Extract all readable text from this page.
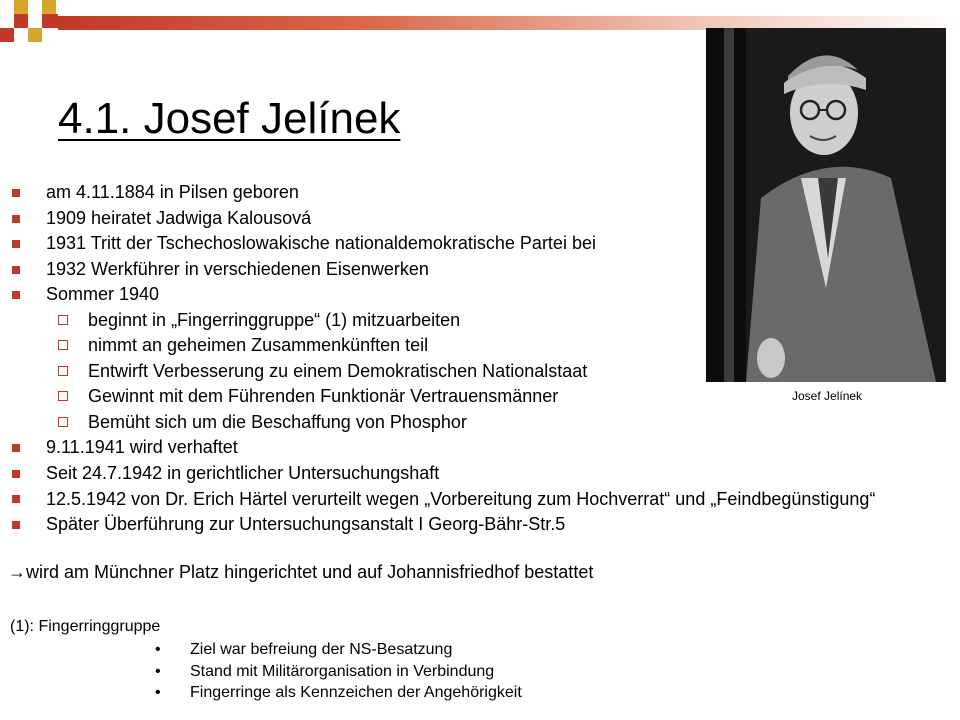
4.1. Josef Jelínek
Josef Jelínek
am 4.11.1884 in Pilsen geboren
1909 heiratet Jadwiga Kalousová
1931 Tritt der Tschechoslowakische nationaldemokratische Partei bei
1932 Werkführer in verschiedenen Eisenwerken
Sommer 1940
beginnt in „Fingerringgruppe“ (1) mitzuarbeiten
nimmt an geheimen Zusammenkünften teil
Entwirft Verbesserung zu einem Demokratischen Nationalstaat
Gewinnt mit dem Führenden Funktionär Vertrauensmänner
Bemüht sich um die Beschaffung von Phosphor
9.11.1941 wird verhaftet
Seit 24.7.1942 in gerichtlicher Untersuchungshaft
12.5.1942 von Dr. Erich Härtel verurteilt wegen „Vorbereitung zum Hochverrat“ und „Feindbegünstigung“
Später Überführung zur Untersuchungsanstalt I Georg-Bähr-Str.5
→wird am Münchner Platz hingerichtet und auf Johannisfriedhof bestattet
(1): Fingerringgruppe
• Ziel war befreiung der NS-Besatzung
• Stand mit Militärorganisation in Verbindung
• Fingerringe als Kennzeichen der Angehörigkeit
